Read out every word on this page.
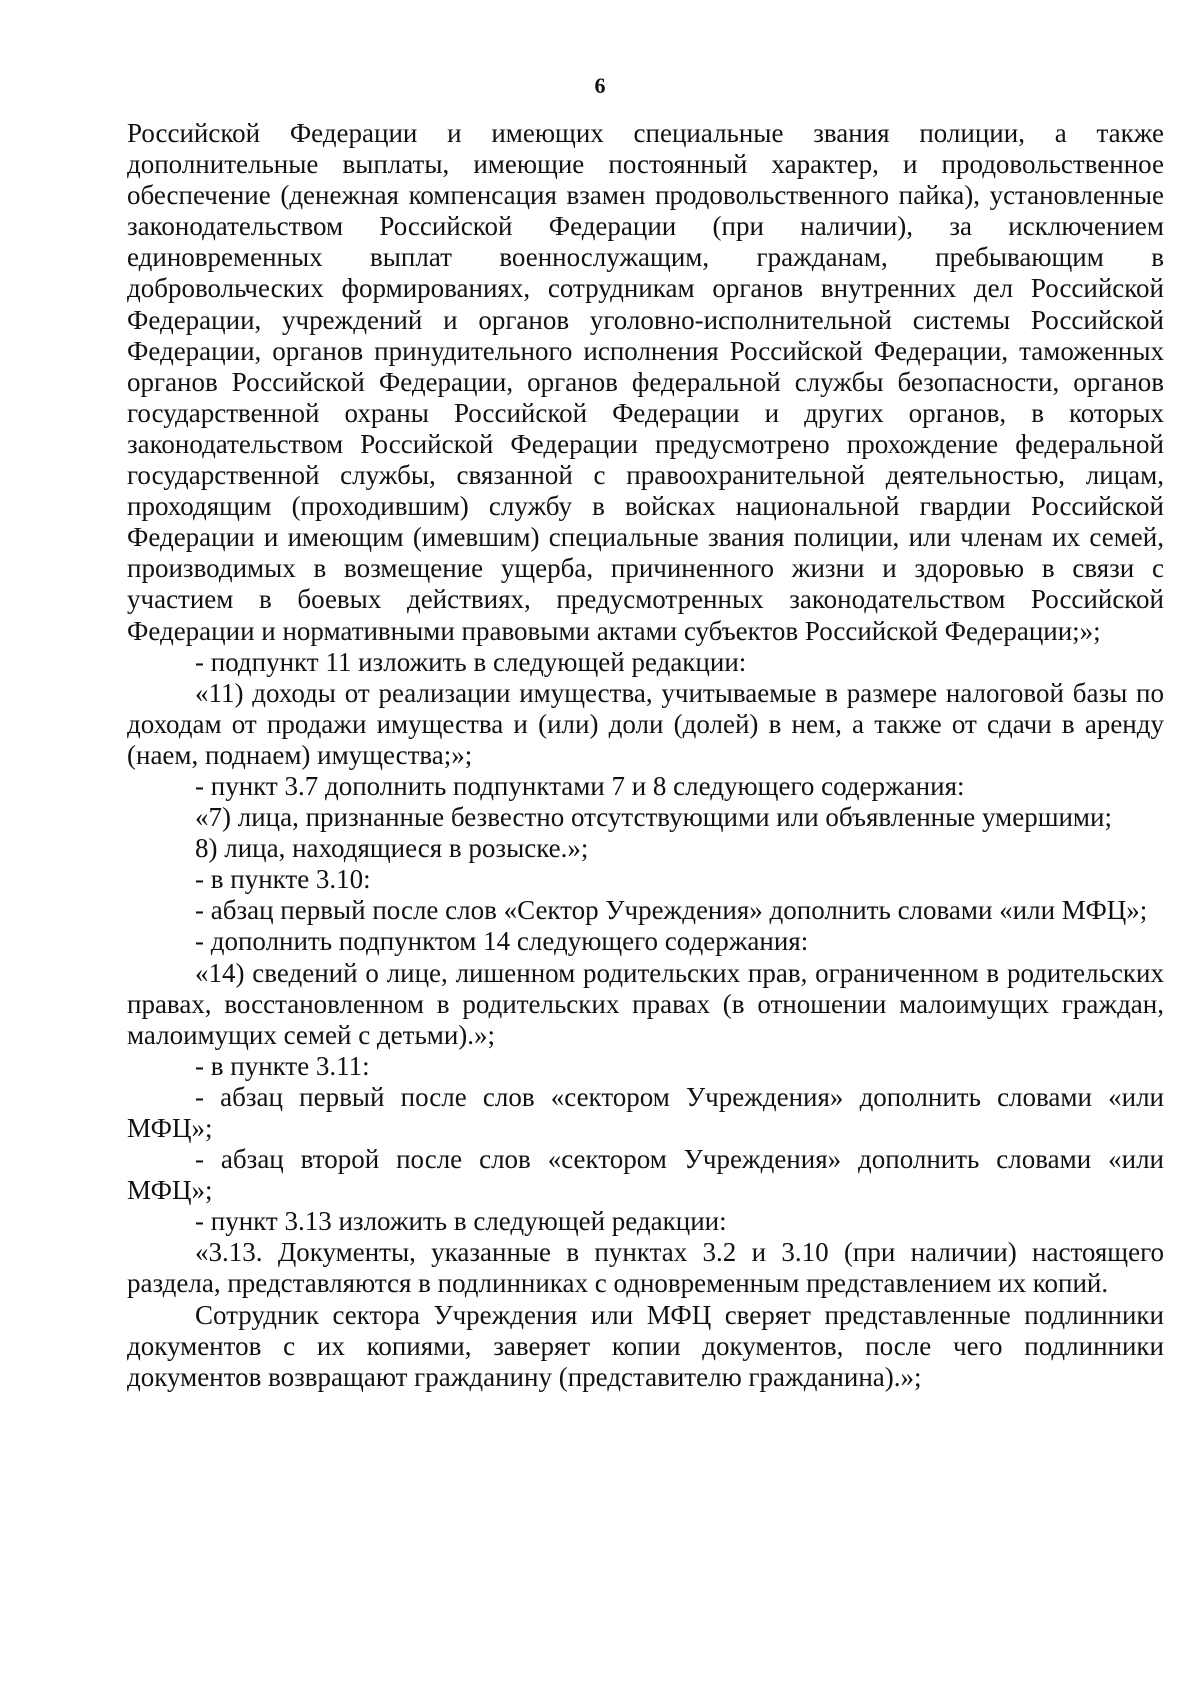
6

Российской Федерации и имеющих специальные звания полиции, а также дополнительные выплаты, имеющие постоянный характер, и продовольственное обеспечение (денежная компенсация взамен продовольственного пайка), установленные законодательством Российской Федерации (при наличии), за исключением единовременных выплат военнослужащим, гражданам, пребывающим в добровольческих формированиях, сотрудникам органов внутренних дел Российской Федерации, учреждений и органов уголовно-исполнительной системы Российской Федерации, органов принудительного исполнения Российской Федерации, таможенных органов Российской Федерации, органов федеральной службы безопасности, органов государственной охраны Российской Федерации и других органов, в которых законодательством Российской Федерации предусмотрено прохождение федеральной государственной службы, связанной с правоохранительной деятельностью, лицам, проходящим (проходившим) службу в войсках национальной гвардии Российской Федерации и имеющим (имевшим) специальные звания полиции, или членам их семей, производимых в возмещение ущерба, причиненного жизни и здоровью в связи с участием в боевых действиях, предусмотренных законодательством Российской Федерации и нормативными правовыми актами субъектов Российской Федерации;»;

- подпункт 11 изложить в следующей редакции:

«11) доходы от реализации имущества, учитываемые в размере налоговой базы по доходам от продажи имущества и (или) доли (долей) в нем, а также от сдачи в аренду (наем, поднаем) имущества;»;

- пункт 3.7 дополнить подпунктами 7 и 8 следующего содержания:

«7) лица, признанные безвестно отсутствующими или объявленные умершими;

8) лица, находящиеся в розыске.»;

- в пункте 3.10:

- абзац первый после слов «Сектор Учреждения» дополнить словами «или МФЦ»;

- дополнить подпунктом 14 следующего содержания:

«14) сведений о лице, лишенном родительских прав, ограниченном в родительских правах, восстановленном в родительских правах (в отношении малоимущих граждан, малоимущих семей с детьми).»;

- в пункте 3.11:

- абзац первый после слов «сектором Учреждения» дополнить словами «или МФЦ»;

- абзац второй после слов «сектором Учреждения» дополнить словами «или МФЦ»;

- пункт 3.13 изложить в следующей редакции:

«3.13. Документы, указанные в пунктах 3.2 и 3.10 (при наличии) настоящего раздела, представляются в подлинниках с одновременным представлением их копий.

Сотрудник сектора Учреждения или МФЦ сверяет представленные подлинники документов с их копиями, заверяет копии документов, после чего подлинники документов возвращают гражданину (представителю гражданина).»;
